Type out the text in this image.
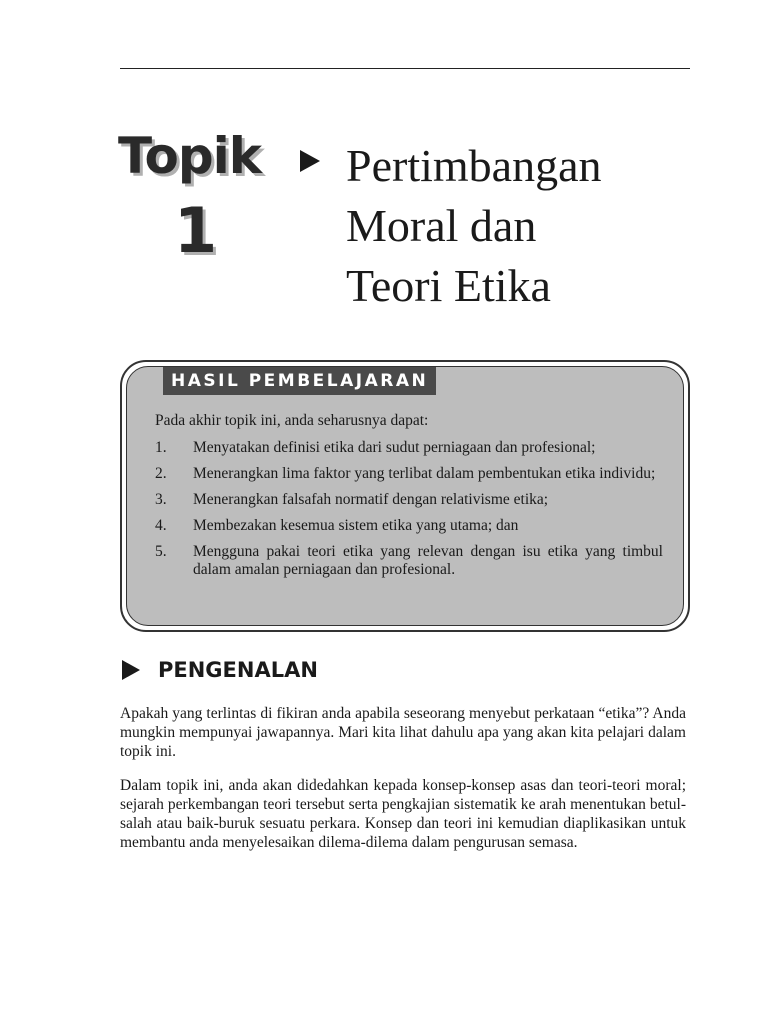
Topik
1
Pertimbangan
Moral dan
Teori Etika
HASIL PEMBELAJARAN
Pada akhir topik ini, anda seharusnya dapat:
1. Menyatakan definisi etika dari sudut perniagaan dan profesional;
2. Menerangkan lima faktor yang terlibat dalam pembentukan etika individu;
3. Menerangkan falsafah normatif dengan relativisme etika;
4. Membezakan kesemua sistem etika yang utama; dan
5. Mengguna pakai teori etika yang relevan dengan isu etika yang timbul dalam amalan perniagaan dan profesional.
PENGENALAN

Apakah yang terlintas di fikiran anda apabila seseorang menyebut perkataan “etika”? Anda mungkin mempunyai jawapannya. Mari kita lihat dahulu apa yang akan kita pelajari dalam topik ini.

Dalam topik ini, anda akan didedahkan kepada konsep-konsep asas dan teori-teori moral; sejarah perkembangan teori tersebut serta pengkajian sistematik ke arah menentukan betul-salah atau baik-buruk sesuatu perkara. Konsep dan teori ini kemudian diaplikasikan untuk membantu anda menyelesaikan dilema-dilema dalam pengurusan semasa.
